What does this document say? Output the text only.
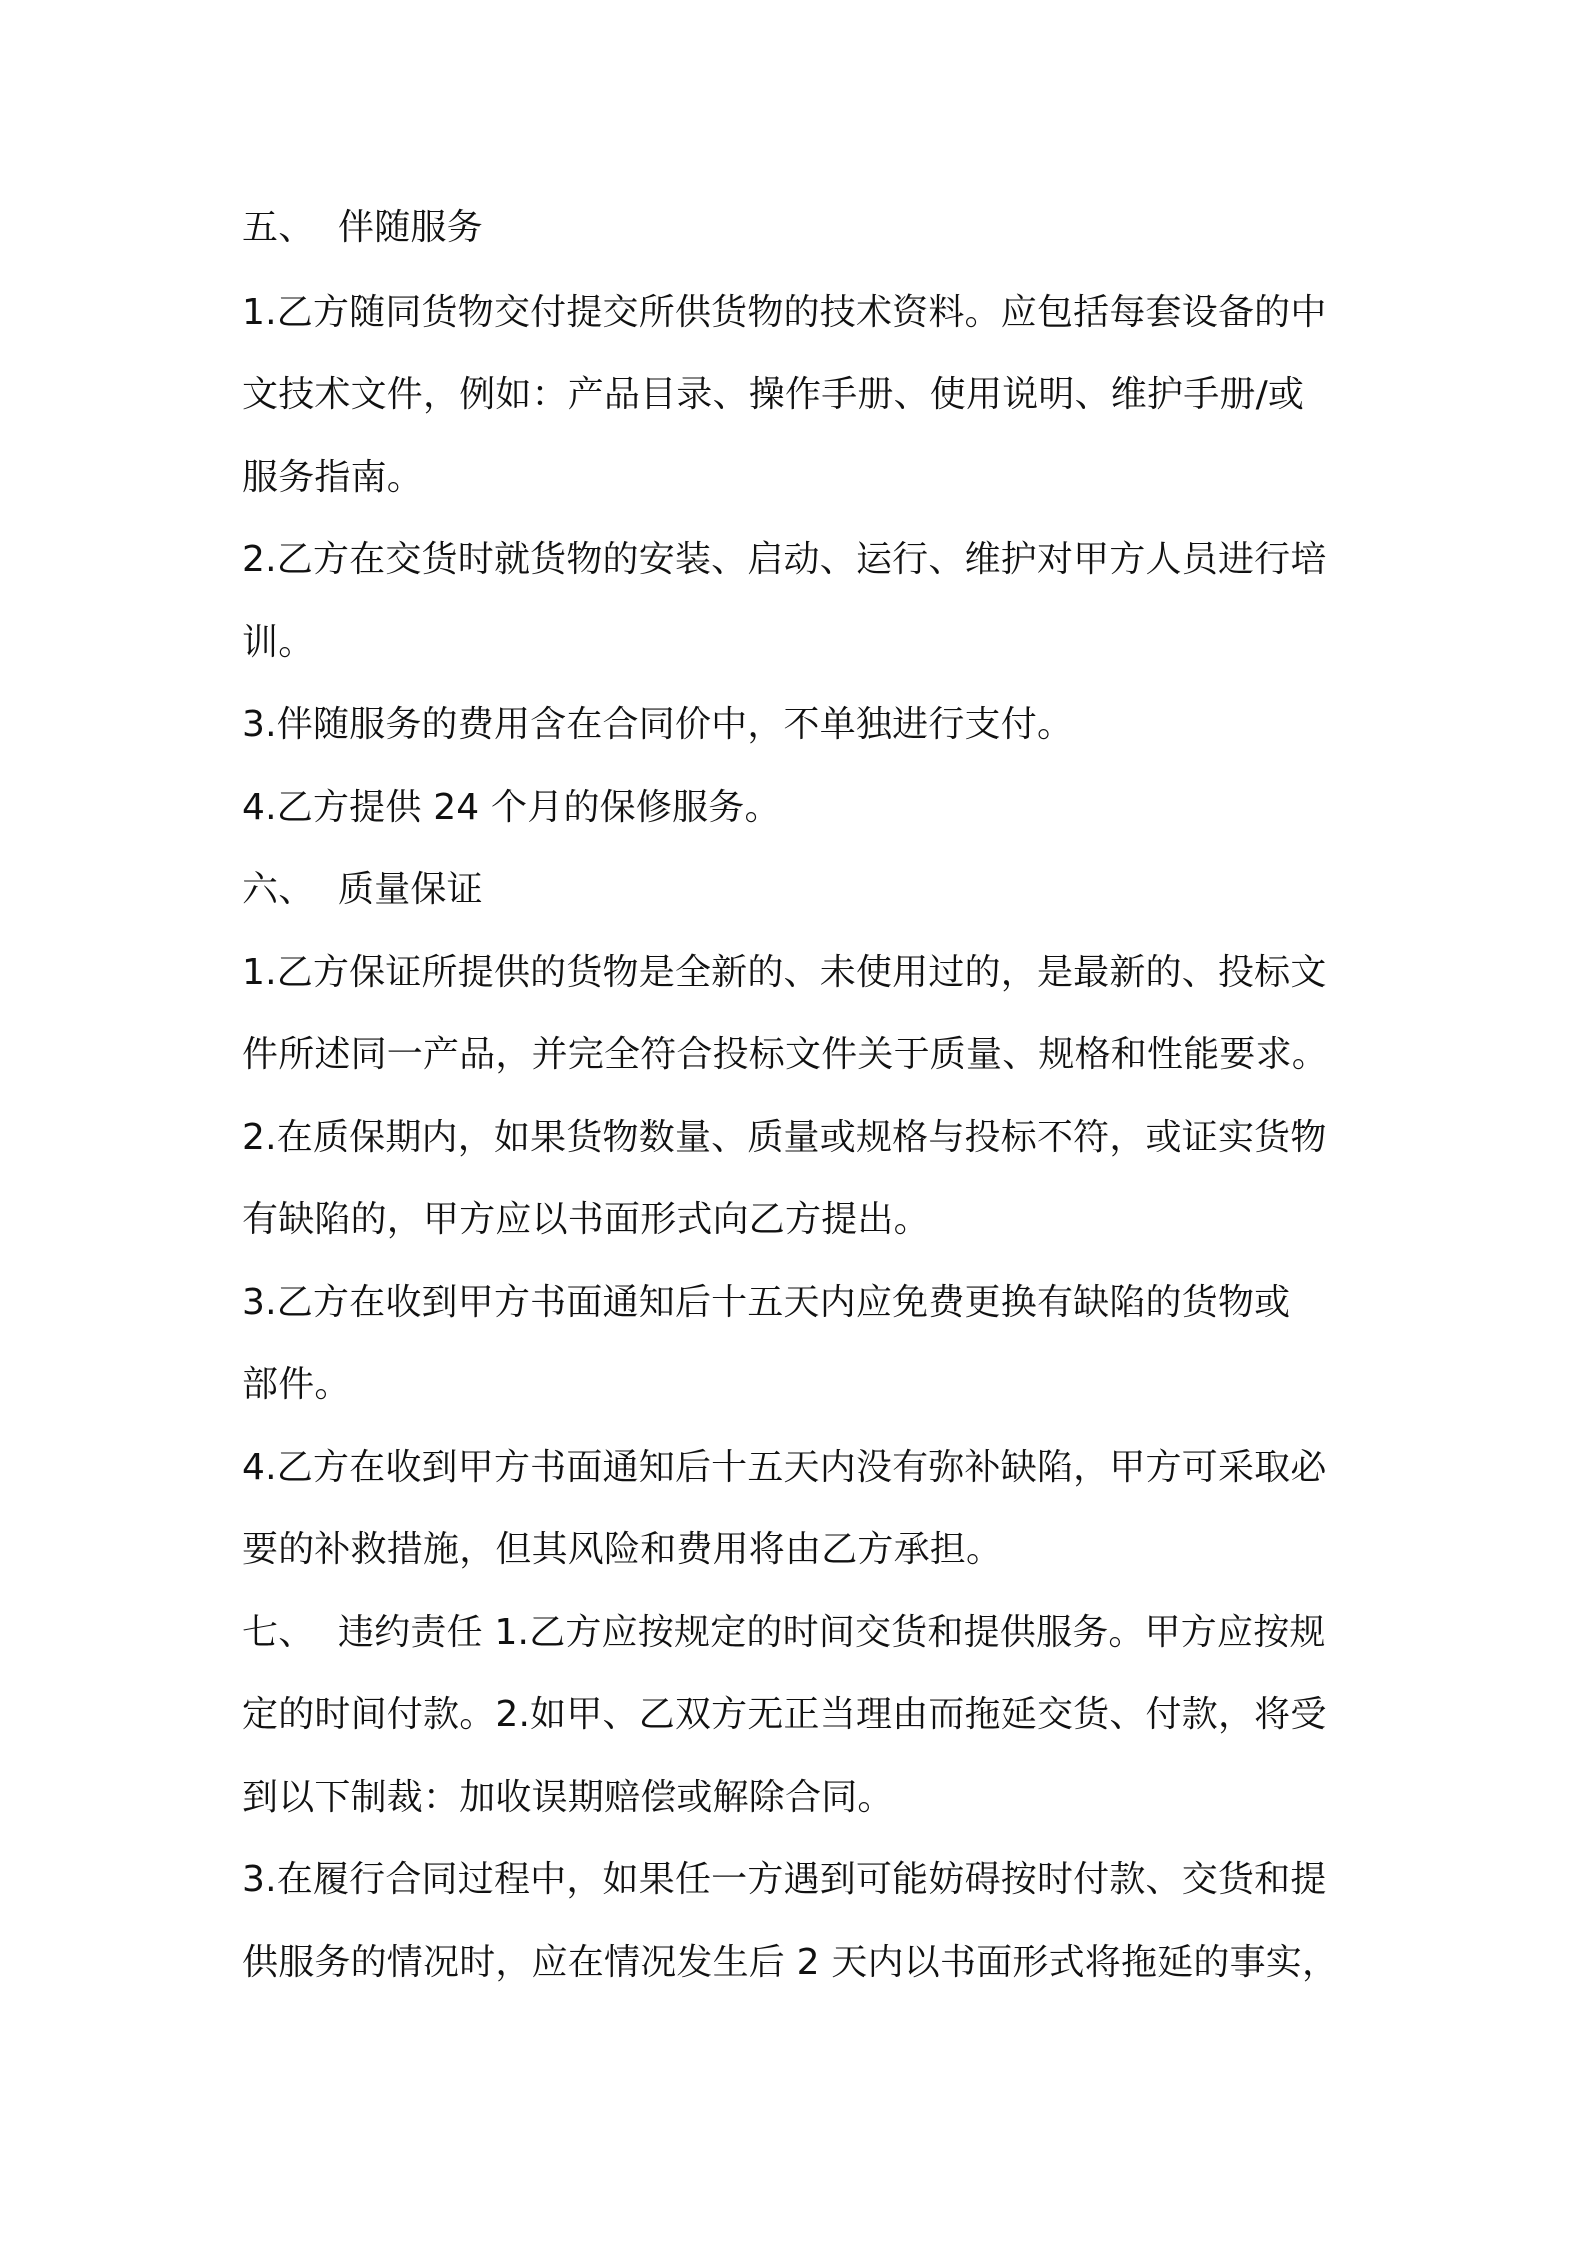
五、 伴随服务
1.乙方随同货物交付提交所供货物的技术资料。应包括每套设备的中
文技术文件，例如：产品目录、操作手册、使用说明、维护手册/或
服务指南。
2.乙方在交货时就货物的安装、启动、运行、维护对甲方人员进行培
训。
3.伴随服务的费用含在合同价中，不单独进行支付。
4.乙方提供 24 个月的保修服务。
六、 质量保证
1.乙方保证所提供的货物是全新的、未使用过的，是最新的、投标文
件所述同一产品，并完全符合投标文件关于质量、规格和性能要求。
2.在质保期内，如果货物数量、质量或规格与投标不符，或证实货物
有缺陷的，甲方应以书面形式向乙方提出。
3.乙方在收到甲方书面通知后十五天内应免费更换有缺陷的货物或
部件。
4.乙方在收到甲方书面通知后十五天内没有弥补缺陷，甲方可采取必
要的补救措施，但其风险和费用将由乙方承担。
七、 违约责任 1.乙方应按规定的时间交货和提供服务。甲方应按规
定的时间付款。2.如甲、乙双方无正当理由而拖延交货、付款，将受
到以下制裁：加收误期赔偿或解除合同。
3.在履行合同过程中，如果任一方遇到可能妨碍按时付款、交货和提
供服务的情况时，应在情况发生后 2 天内以书面形式将拖延的事实，
